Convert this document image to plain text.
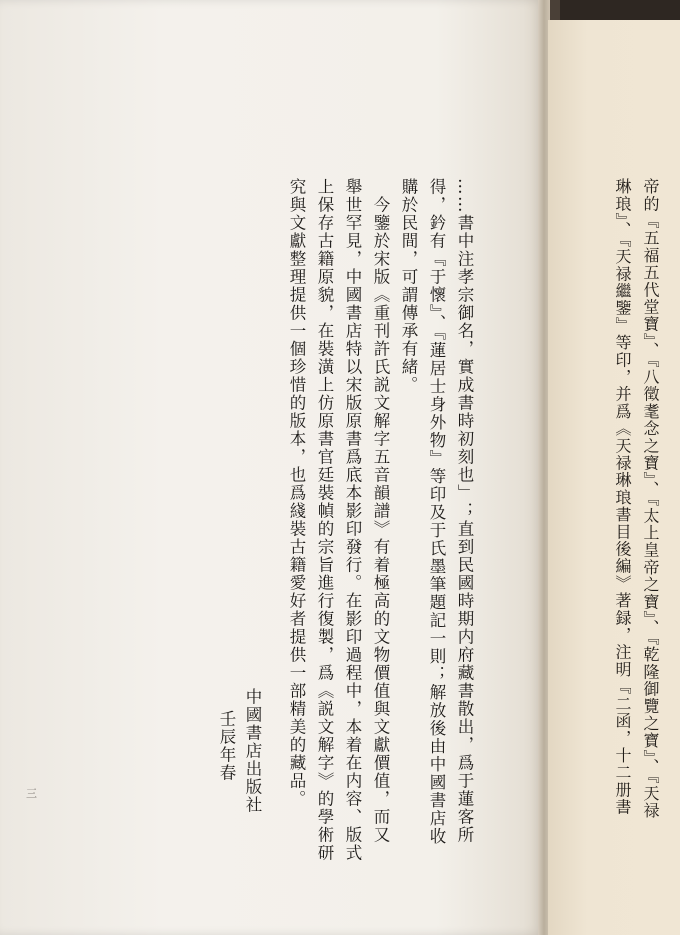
……書中注孝宗御名，實成書時初刻也」；直到民國時期内府藏書散出，爲于蓮客所
得，鈐有『于懷』、『蓮居士身外物』等印及于氏墨筆題記一則；解放後由中國書店收
購於民間，可謂傳承有緒。
今鑒於宋版《重刊許氏説文解字五音韻譜》有着極高的文物價值與文獻價值，而又
舉世罕見，中國書店特以宋版原書爲底本影印發行。在影印過程中，本着在内容、版式
上保存古籍原貌，在裝潢上仿原書官廷裝幀的宗旨進行復製，爲《説文解字》的學術研
究與文獻整理提供一個珍惜的版本，也爲綫裝古籍愛好者提供一部精美的藏品。
中國書店出版社
壬辰年春
三	帝的『五福五代堂寶』、『八徵耄念之寶』、『太上皇帝之寶』、『乾隆御覽之寶』、『天禄
琳琅』、『天禄繼鑒』等印，并爲《天禄琳琅書目後編》著録，注明『二函，十二册書
